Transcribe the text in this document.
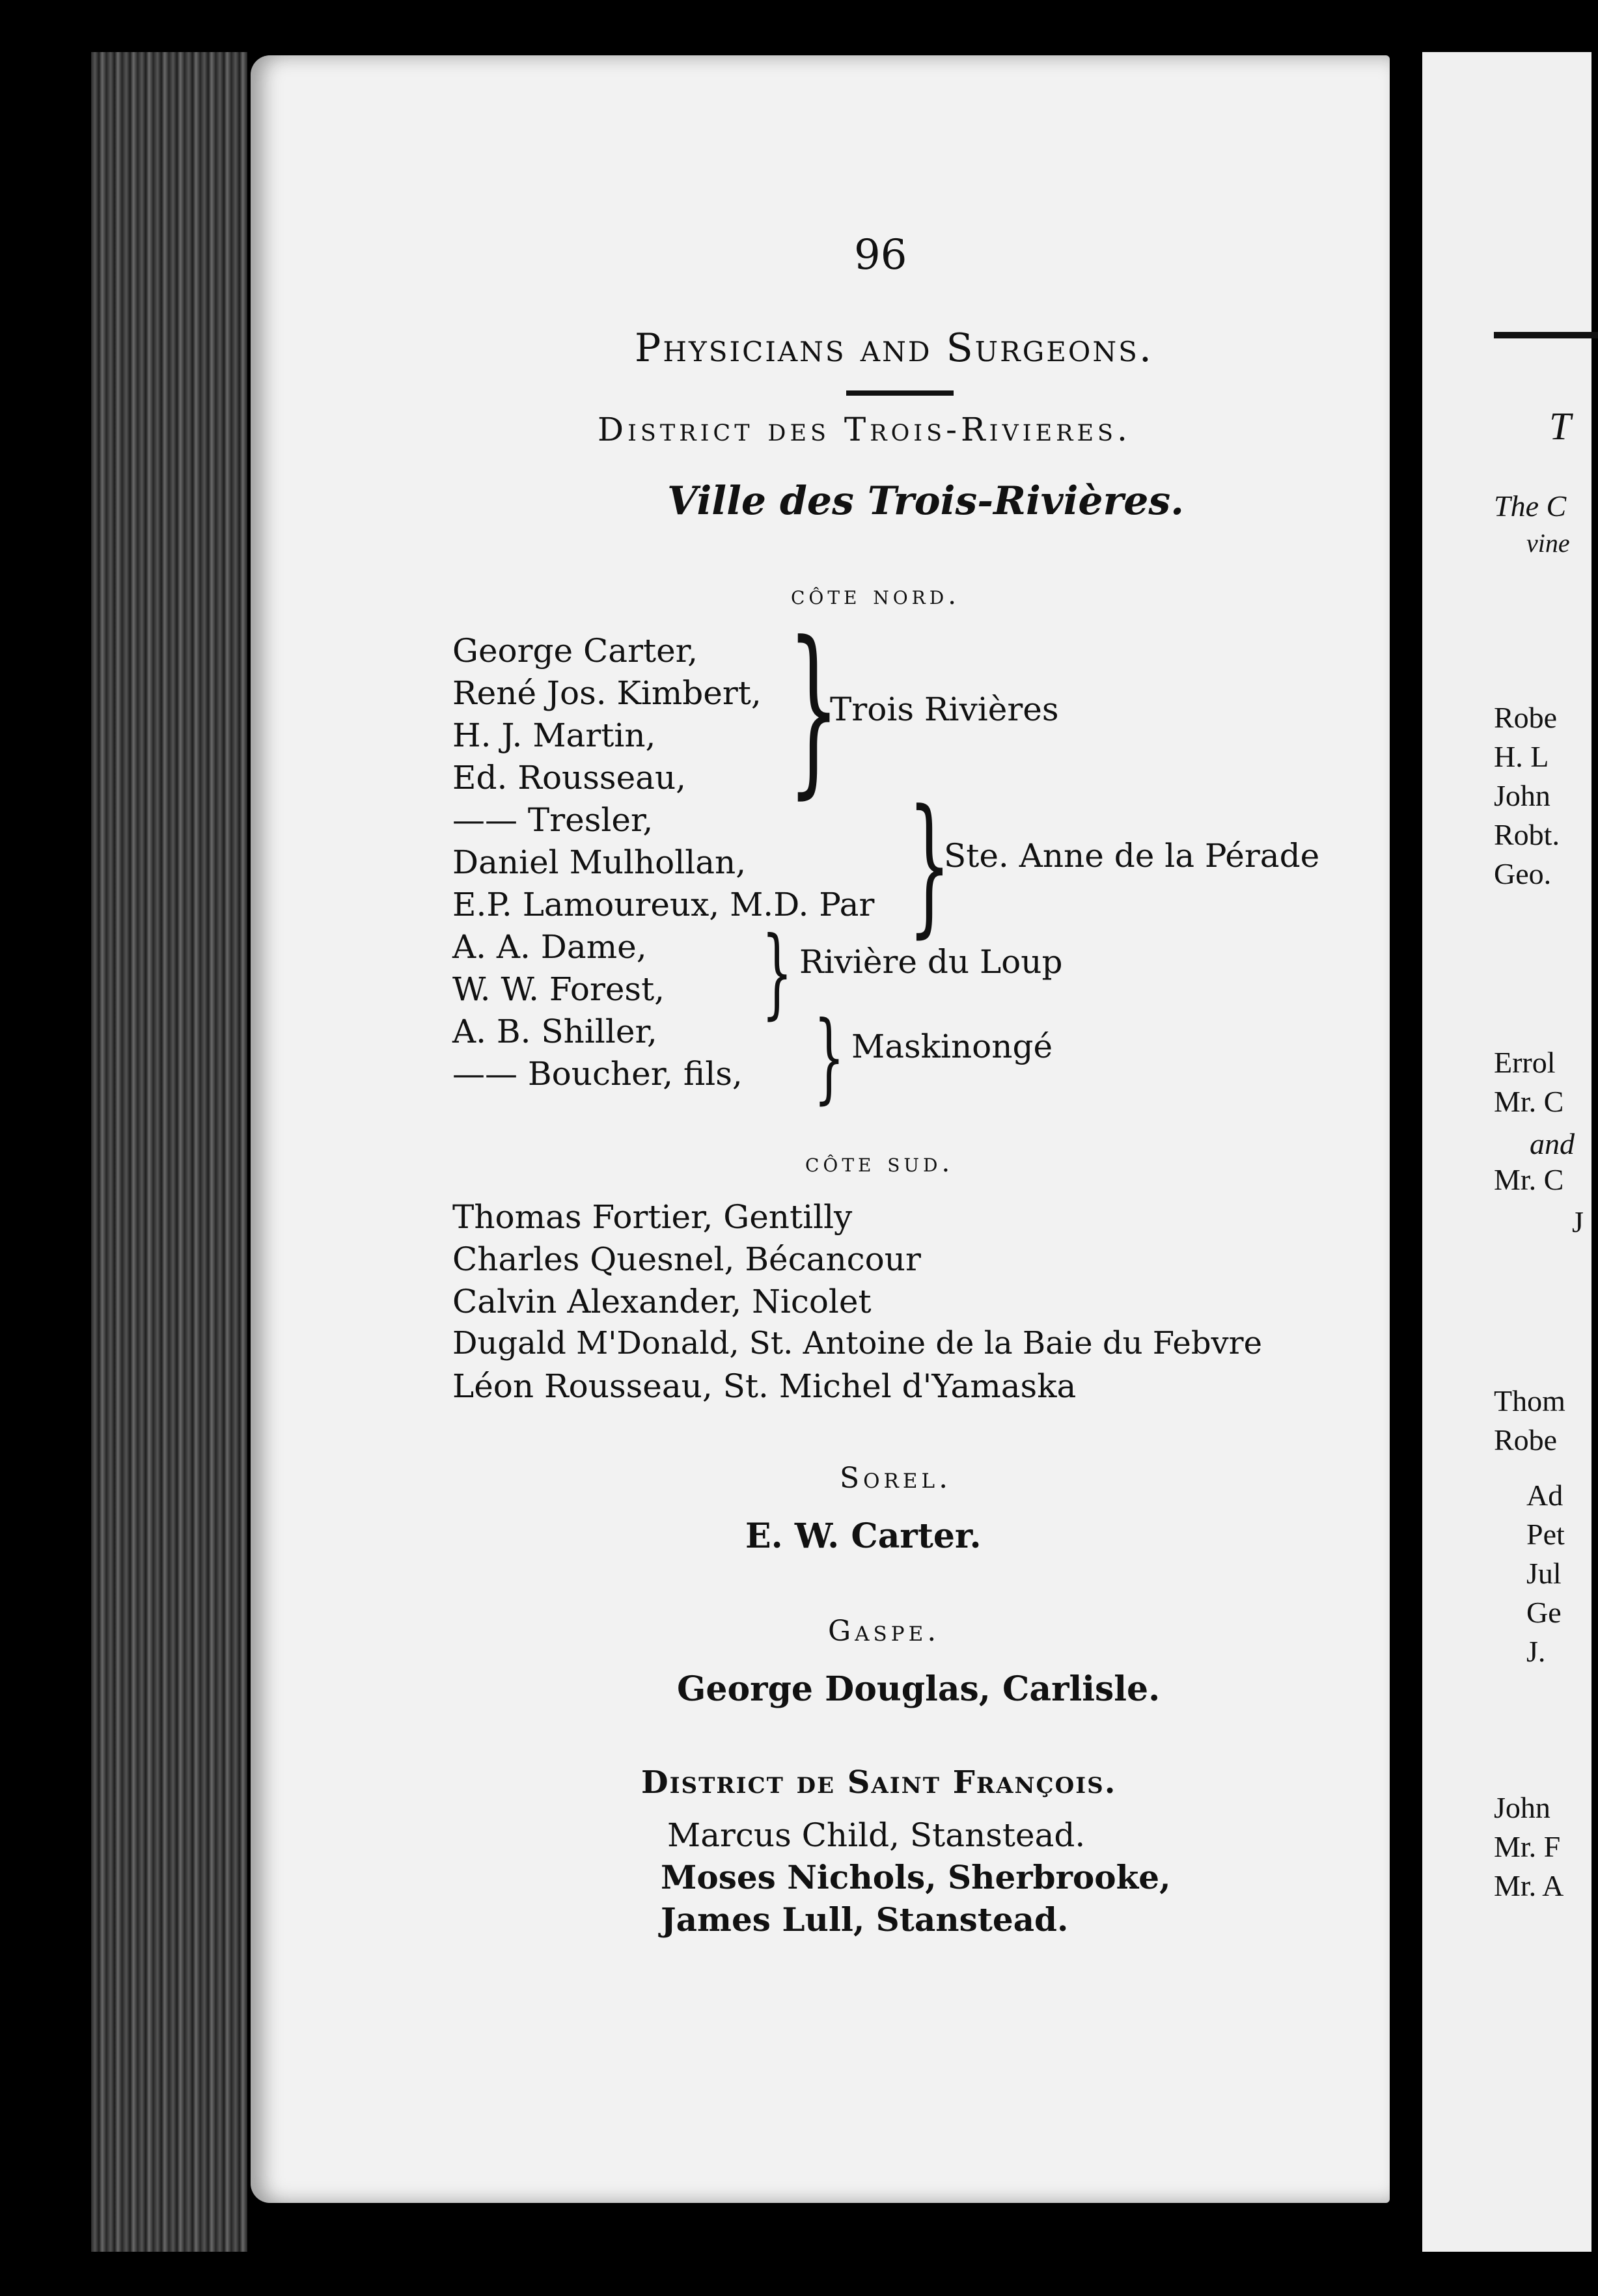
T
The C
vine
Robe
H. L
John
Robt.
Geo.
Errol
Mr. C
and
Mr. C
J
Thom
Robe
Ad
Pet
Jul
Ge
J.
John
Mr. F
Mr. A
96
Physicians and Surgeons.
District des Trois-Rivieres.
Ville des Trois-Rivières.
côte nord.
George Carter,
René Jos. Kimbert,
H. J. Martin,
Ed. Rousseau, }
Trois Rivières
—— Tresler,
Daniel Mulhollan,
E.P. Lamoureux, M.D. Par }
Ste. Anne de la Pérade
A. A. Dame,
W. W. Forest, } Rivière du Loup
A. B. Shiller,
—— Boucher, fils, } Maskinongé
côte sud.
Thomas Fortier, Gentilly
Charles Quesnel, Bécancour
Calvin Alexander, Nicolet
Dugald M'Donald, St. Antoine de la Baie du Febvre
Léon Rousseau, St. Michel d'Yamaska
Sorel.
E. W. Carter.
Gaspe.
George Douglas, Carlisle.
District de Saint François.
Marcus Child, Stanstead.
Moses Nichols, Sherbrooke,
James Lull, Stanstead.
